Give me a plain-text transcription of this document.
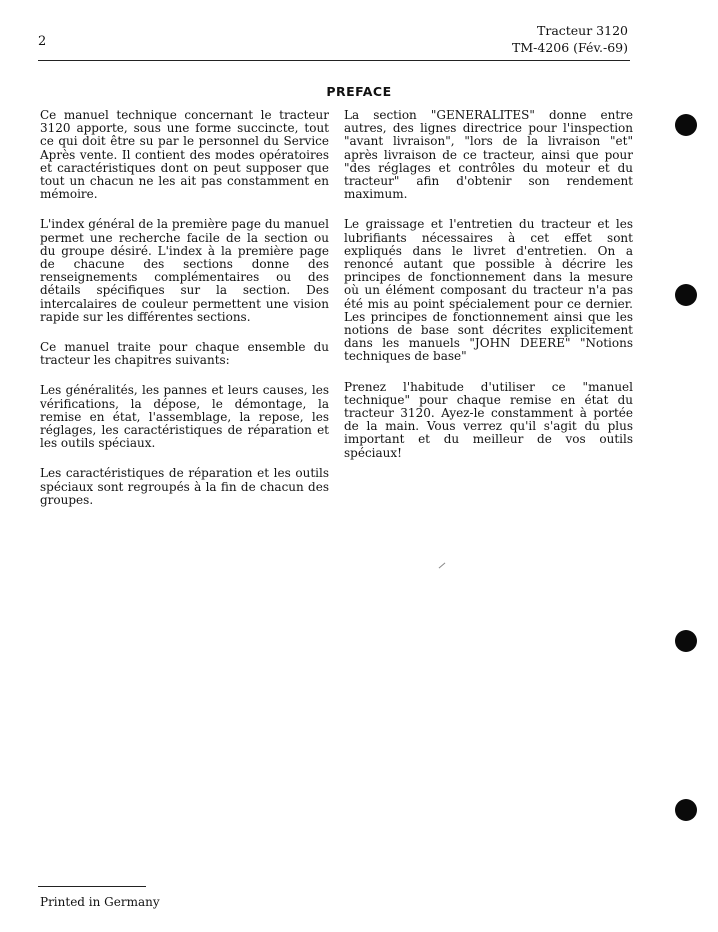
2
Tracteur 3120
TM-4206 (Fév.-69)
PREFACE

Ce manuel technique concernant le tracteur 3120 apporte, sous une forme succincte, tout ce qui doit être su par le personnel du Service Après vente. Il contient des modes opératoires et caractéristiques dont on peut supposer que tout un chacun ne les ait pas constamment en mémoire.

L'index général de la première page du manuel permet une recherche facile de la section ou du groupe désiré. L'index à la première page de chacune des sections donne des renseignements complémentaires ou des détails spécifiques sur la section. Des intercalaires de couleur permettent une vision rapide sur les différentes sections.

Ce manuel traite pour chaque ensemble du tracteur les chapitres suivants:

Les généralités, les pannes et leurs causes, les vérifications, la dépose, le démontage, la remise en état, l'assemblage, la repose, les réglages, les caractéristiques de réparation et les outils spéciaux.

Les caractéristiques de réparation et les outils spéciaux sont regroupés à la fin de chacun des groupes.

La section "GENERALITES" donne entre autres, des lignes directrice pour l'inspection "avant livraison", "lors de la livraison "et" après livraison de ce tracteur, ainsi que pour "des réglages et contrôles du moteur et du tracteur" afin d'obtenir son rendement maximum.

Le graissage et l'entretien du tracteur et les lubrifiants nécessaires à cet effet sont expliqués dans le livret d'entretien. On a renoncé autant que possible à décrire les principes de fonctionnement dans la mesure où un élément composant du tracteur n'a pas été mis au point spécialement pour ce dernier. Les principes de fonctionnement ainsi que les notions de base sont décrites explicitement dans les manuels "JOHN DEERE" "Notions techniques de base"

Prenez l'habitude d'utiliser ce "manuel technique" pour chaque remise en état du tracteur 3120. Ayez-le constamment à portée de la main. Vous verrez qu'il s'agit du plus important et du meilleur de vos outils spéciaux!

Printed in Germany
